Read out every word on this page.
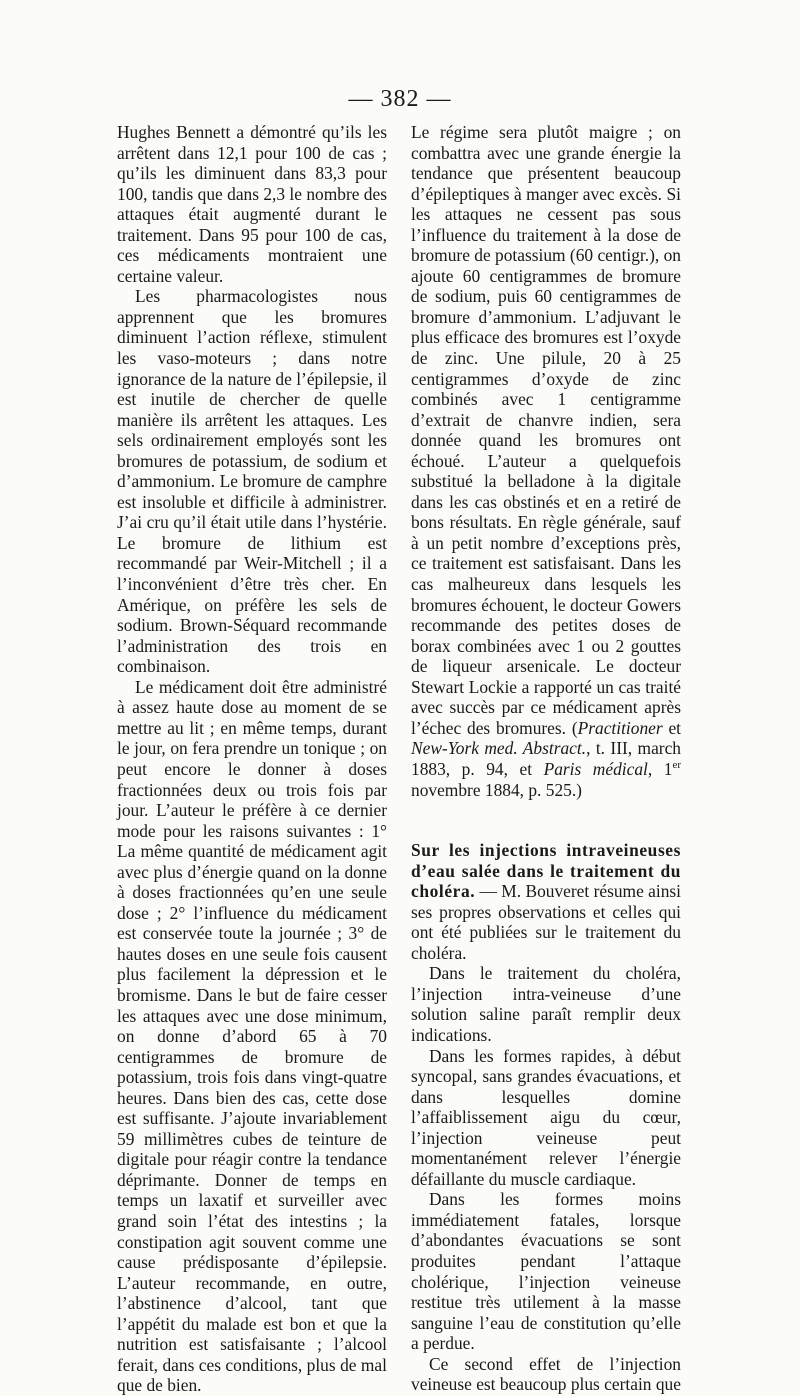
— 382 —

Hughes Bennett a démontré qu’ils les arrêtent dans 12,1 pour 100 de cas ; qu’ils les diminuent dans 83,3 pour 100, tandis que dans 2,3 le nombre des attaques était augmenté durant le traitement. Dans 95 pour 100 de cas, ces médicaments montraient une certaine valeur.

Les pharmacologistes nous apprennent que les bromures diminuent l’action réflexe, stimulent les vaso-moteurs ; dans notre ignorance de la nature de l’épilepsie, il est inutile de chercher de quelle manière ils arrêtent les attaques. Les sels ordinairement employés sont les bromures de potassium, de sodium et d’ammonium. Le bromure de camphre est insoluble et difficile à administrer. J’ai cru qu’il était utile dans l’hystérie. Le bromure de lithium est recommandé par Weir-Mitchell ; il a l’inconvénient d’être très cher. En Amérique, on préfère les sels de sodium. Brown-Séquard recommande l’administration des trois en combinaison.

Le médicament doit être administré à assez haute dose au moment de se mettre au lit ; en même temps, durant le jour, on fera prendre un tonique ; on peut encore le donner à doses fractionnées deux ou trois fois par jour. L’auteur le préfère à ce dernier mode pour les raisons suivantes : 1° La même quantité de médicament agit avec plus d’énergie quand on la donne à doses fractionnées qu’en une seule dose ; 2° l’influence du médicament est conservée toute la journée ; 3° de hautes doses en une seule fois causent plus facilement la dépression et le bromisme. Dans le but de faire cesser les attaques avec une dose minimum, on donne d’abord 65 à 70 centigrammes de bromure de potassium, trois fois dans vingt-quatre heures. Dans bien des cas, cette dose est suffisante. J’ajoute invariablement 59 millimètres cubes de teinture de digitale pour réagir contre la tendance déprimante. Donner de temps en temps un laxatif et surveiller avec grand soin l’état des intestins ; la constipation agit souvent comme une cause prédisposante d’épilepsie. L’auteur recommande, en outre, l’abstinence d’alcool, tant que l’appétit du malade est bon et que la nutrition est satisfaisante ; l’alcool ferait, dans ces conditions, plus de mal que de bien.

Le régime sera plutôt maigre ; on combattra avec une grande énergie la tendance que présentent beaucoup d’épileptiques à manger avec excès. Si les attaques ne cessent pas sous l’influence du traitement à la dose de bromure de potassium (60 centigr.), on ajoute 60 centigrammes de bromure de sodium, puis 60 centigrammes de bromure d’ammonium. L’adjuvant le plus efficace des bromures est l’oxyde de zinc. Une pilule, 20 à 25 centigrammes d’oxyde de zinc combinés avec 1 centigramme d’extrait de chanvre indien, sera donnée quand les bromures ont échoué. L’auteur a quelquefois substitué la belladone à la digitale dans les cas obstinés et en a retiré de bons résultats. En règle générale, sauf à un petit nombre d’exceptions près, ce traitement est satisfaisant. Dans les cas malheureux dans lesquels les bromures échouent, le docteur Gowers recommande des petites doses de borax combinées avec 1 ou 2 gouttes de liqueur arsenicale. Le docteur Stewart Lockie a rapporté un cas traité avec succès par ce médicament après l’échec des bromures. (Practitioner et New-York med. Abstract., t. III, march 1883, p. 94, et Paris médical, 1er novembre 1884, p. 525.)

Sur les injections intraveineuses d’eau salée dans le traitement du choléra. — M. Bouveret résume ainsi ses propres observations et celles qui ont été publiées sur le traitement du choléra.

Dans le traitement du choléra, l’injection intra-veineuse d’une solution saline paraît remplir deux indications.

Dans les formes rapides, à début syncopal, sans grandes évacuations, et dans lesquelles domine l’affaiblissement aigu du cœur, l’injection veineuse peut momentanément relever l’énergie défaillante du muscle cardiaque.

Dans les formes moins immédiatement fatales, lorsque d’abondantes évacuations se sont produites pendant l’attaque cholérique, l’injection veineuse restitue très utilement à la masse sanguine l’eau de constitution qu’elle a perdue.

Ce second effet de l’injection veineuse est beaucoup plus certain que
